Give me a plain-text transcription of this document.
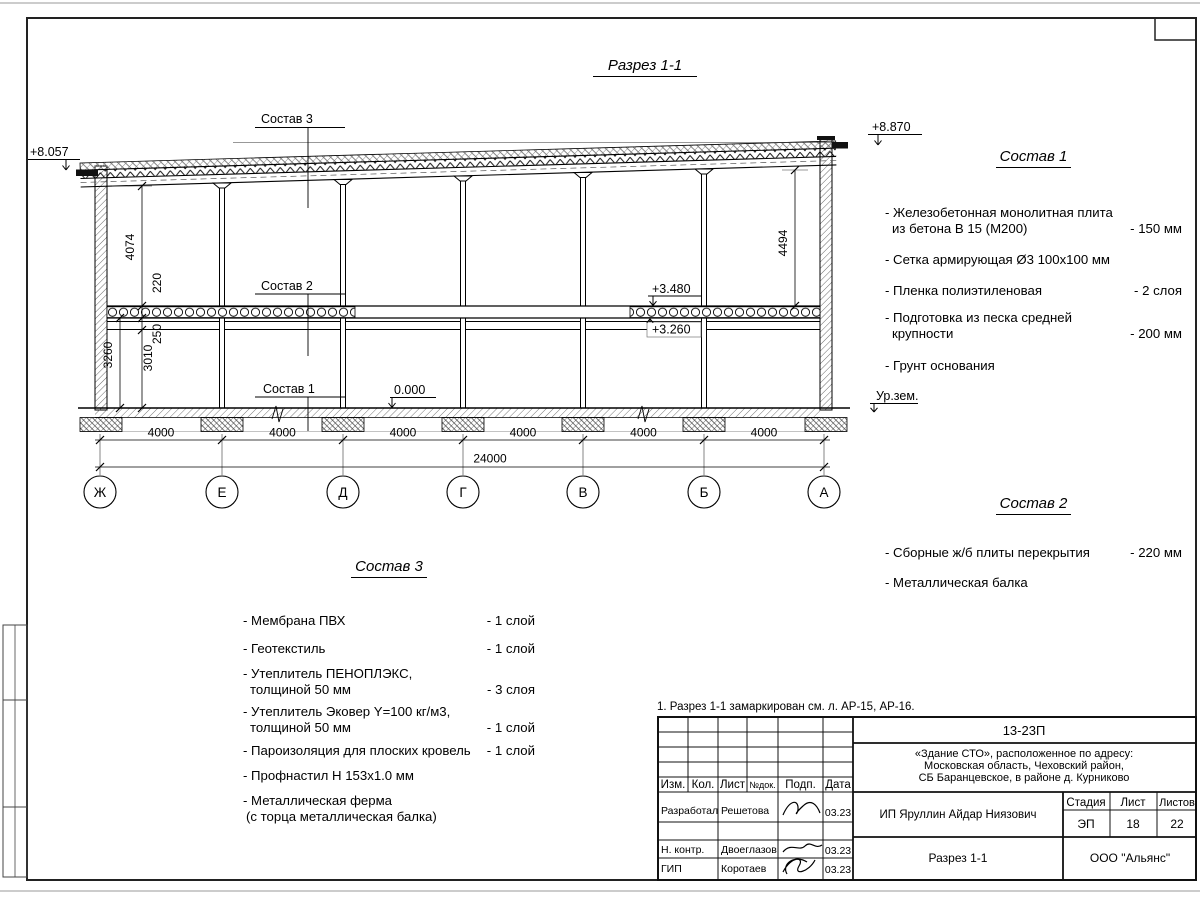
4000	4000	4000	4000	4000	4000
24000
4074
220
250
3010
3260
4494
+8.057
+8.870
0.000	Ур.зем.
+3.480
+3.260
Состав 3
Состав 2
Состав 1
Ж	Е	Д	Г	В	Б	А
1. Разрез 1-1 замаркирован см. л. АР-15, АР-16.
Изм. Кол. Лист №док. Подп. Дата
Разработал Решетова	03.23
Н. контр. Двоеглазов	03.23
ГИП	Коротаев	03.23
13-23П
«Здание СТО», расположенное по адресу:
Московская область, Чеховский район,
СБ Баранцевское, в районе д. Курниково
ИП Яруллин Айдар Ниязович
Стадия Лист Листов
ЭП	18	22
Разрез 1-1	ООО "Альянс"
Разрез 1-1
Состав 1
- Железобетонная монолитная плита
из бетона В 15 (М200)	- 150 мм
- Сетка армирующая Ø3 100х100 мм
- Пленка полиэтиленовая	- 2 слоя
- Подготовка из песка средней
крупности	- 200 мм
- Грунт основания
Состав 2
- Сборные ж/б плиты перекрытия	- 220 мм
- Металлическая балка
Состав 3
- Мембрана ПВХ	- 1 слой
- Геотекстиль	- 1 слой
- Утеплитель ПЕНОПЛЭКС,
толщиной 50 мм	- 3 слоя
- Утеплитель Эковер Y=100 кг/м3,
толщиной 50 мм	- 1 слой
- Пароизоляция для плоских кровель	- 1 слой
- Профнастил Н 153х1.0 мм
- Металлическая ферма
(с торца металлическая балка)
